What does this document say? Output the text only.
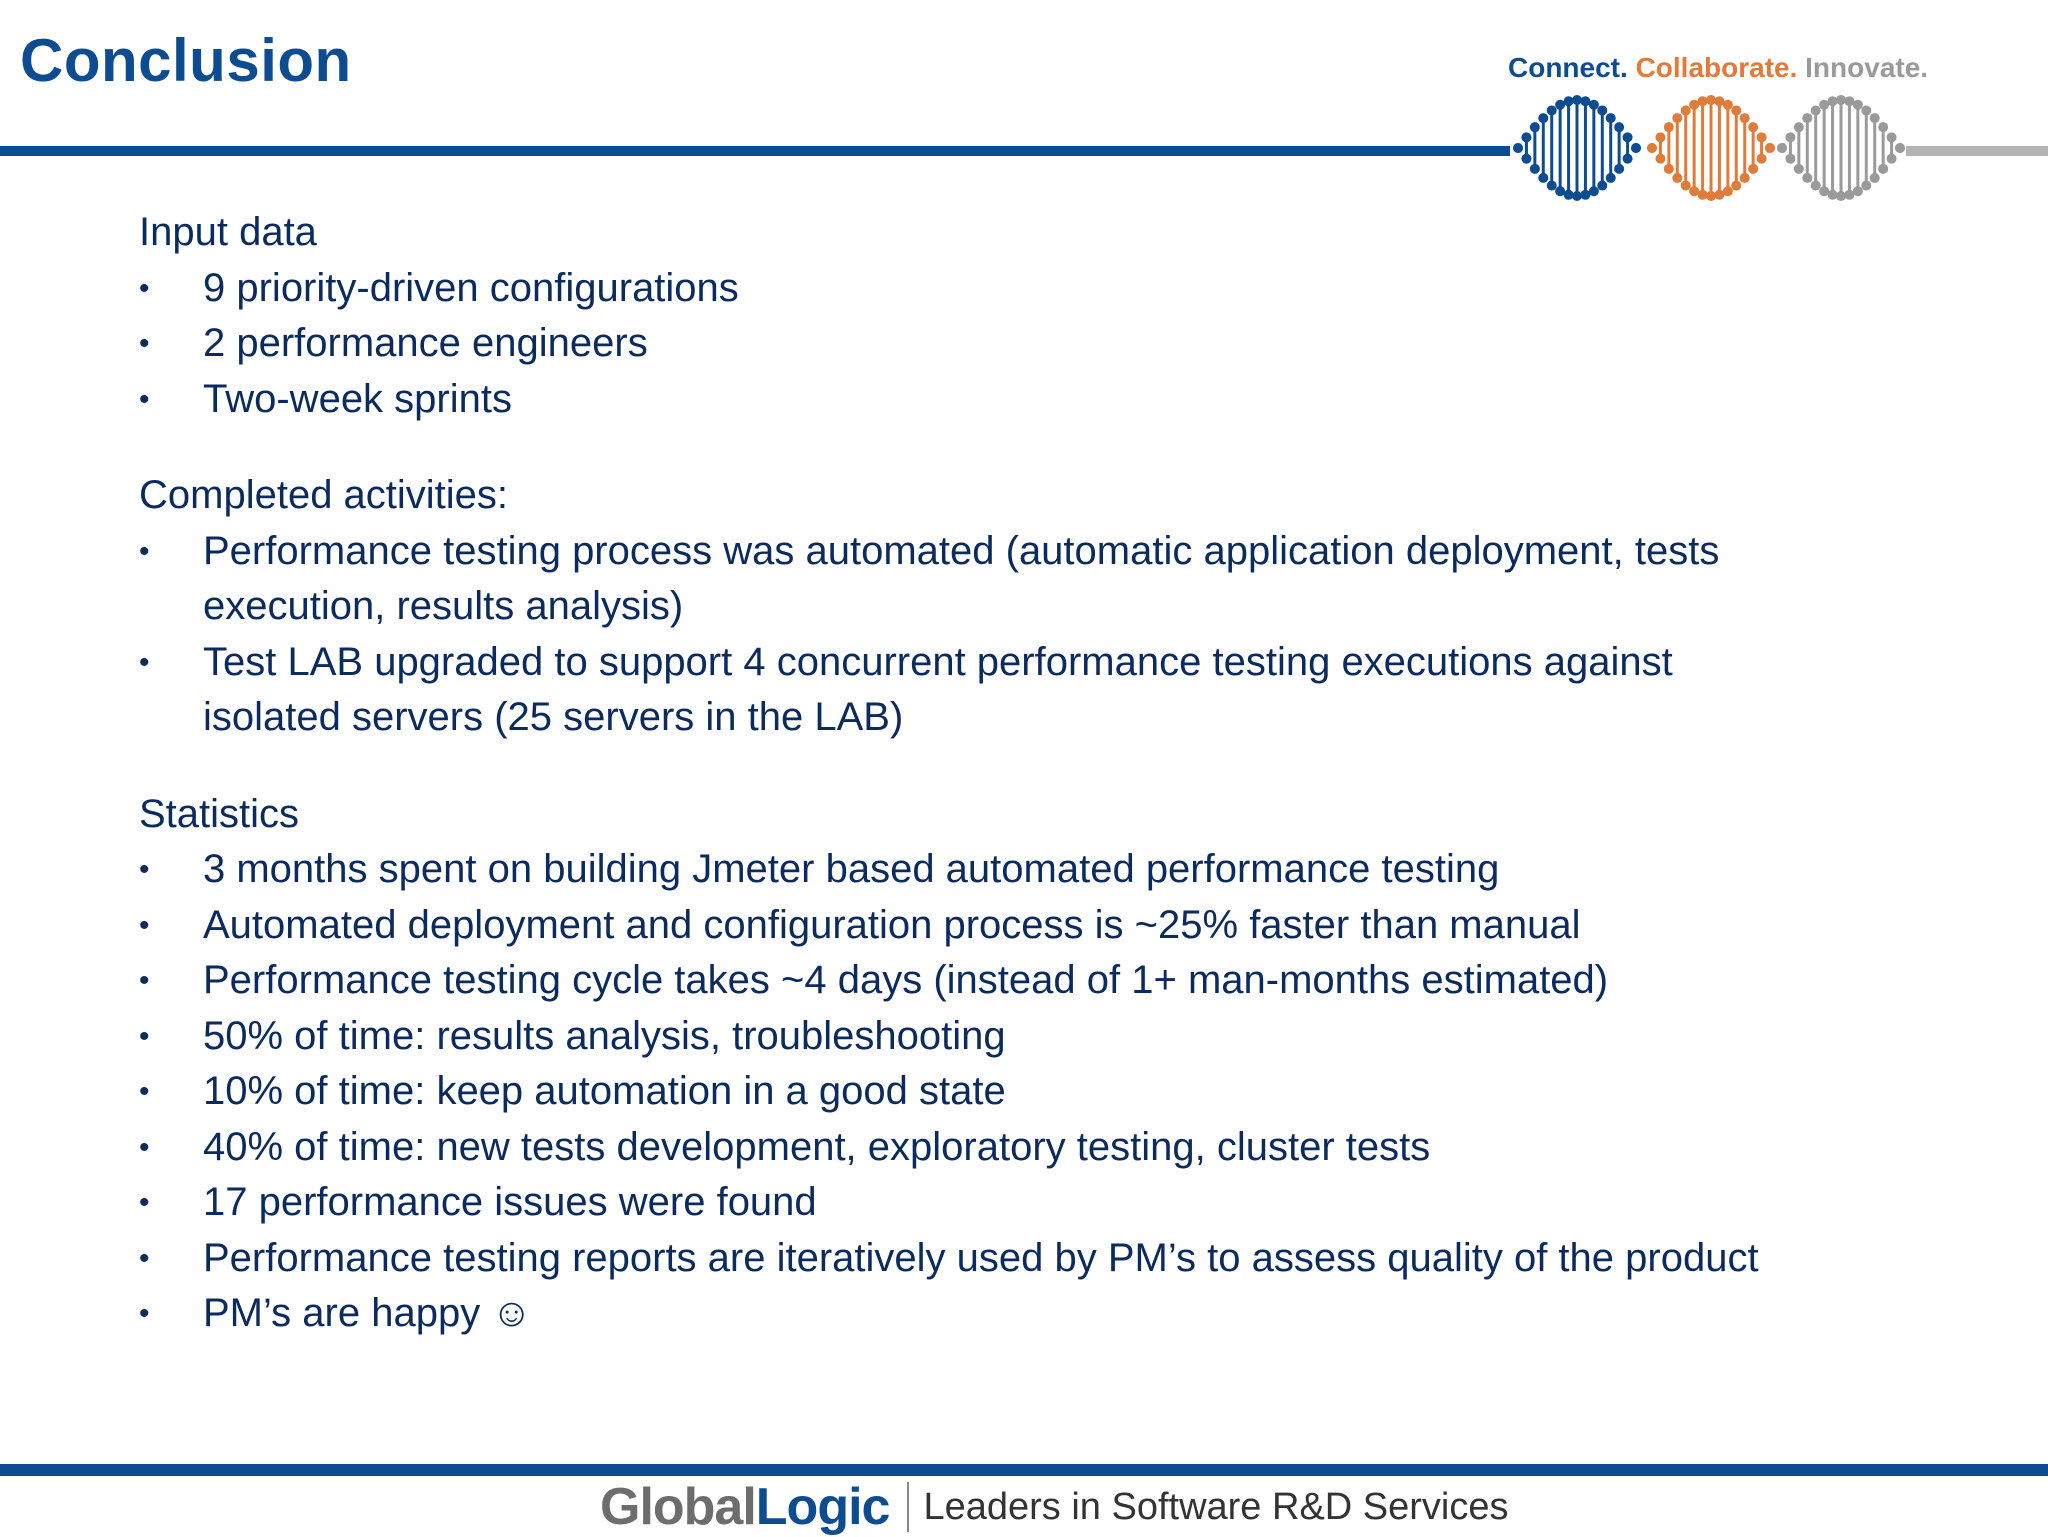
Conclusion	Connect. Collaborate. Innovate.

Input data

• 9 priority-driven configurations
• 2 performance engineers
• Two-week sprints

Completed activities:

• Performance testing process was automated (automatic application deployment, tests execution, results analysis)
• Test LAB upgraded to support 4 concurrent performance testing executions against isolated servers (25 servers in the LAB)

Statistics

• 3 months spent on building Jmeter based automated performance testing
• Automated deployment and configuration process is ~25% faster than manual
• Performance testing cycle takes ~4 days (instead of 1+ man-months estimated)
• 50% of time: results analysis, troubleshooting
• 10% of time: keep automation in a good state
• 40% of time: new tests development, exploratory testing, cluster tests
• 17 performance issues were found
• Performance testing reports are iteratively used by PM’s to assess quality of the product
• PM’s are happy ☺
GlobalLogic Leaders in Software R&D Services
